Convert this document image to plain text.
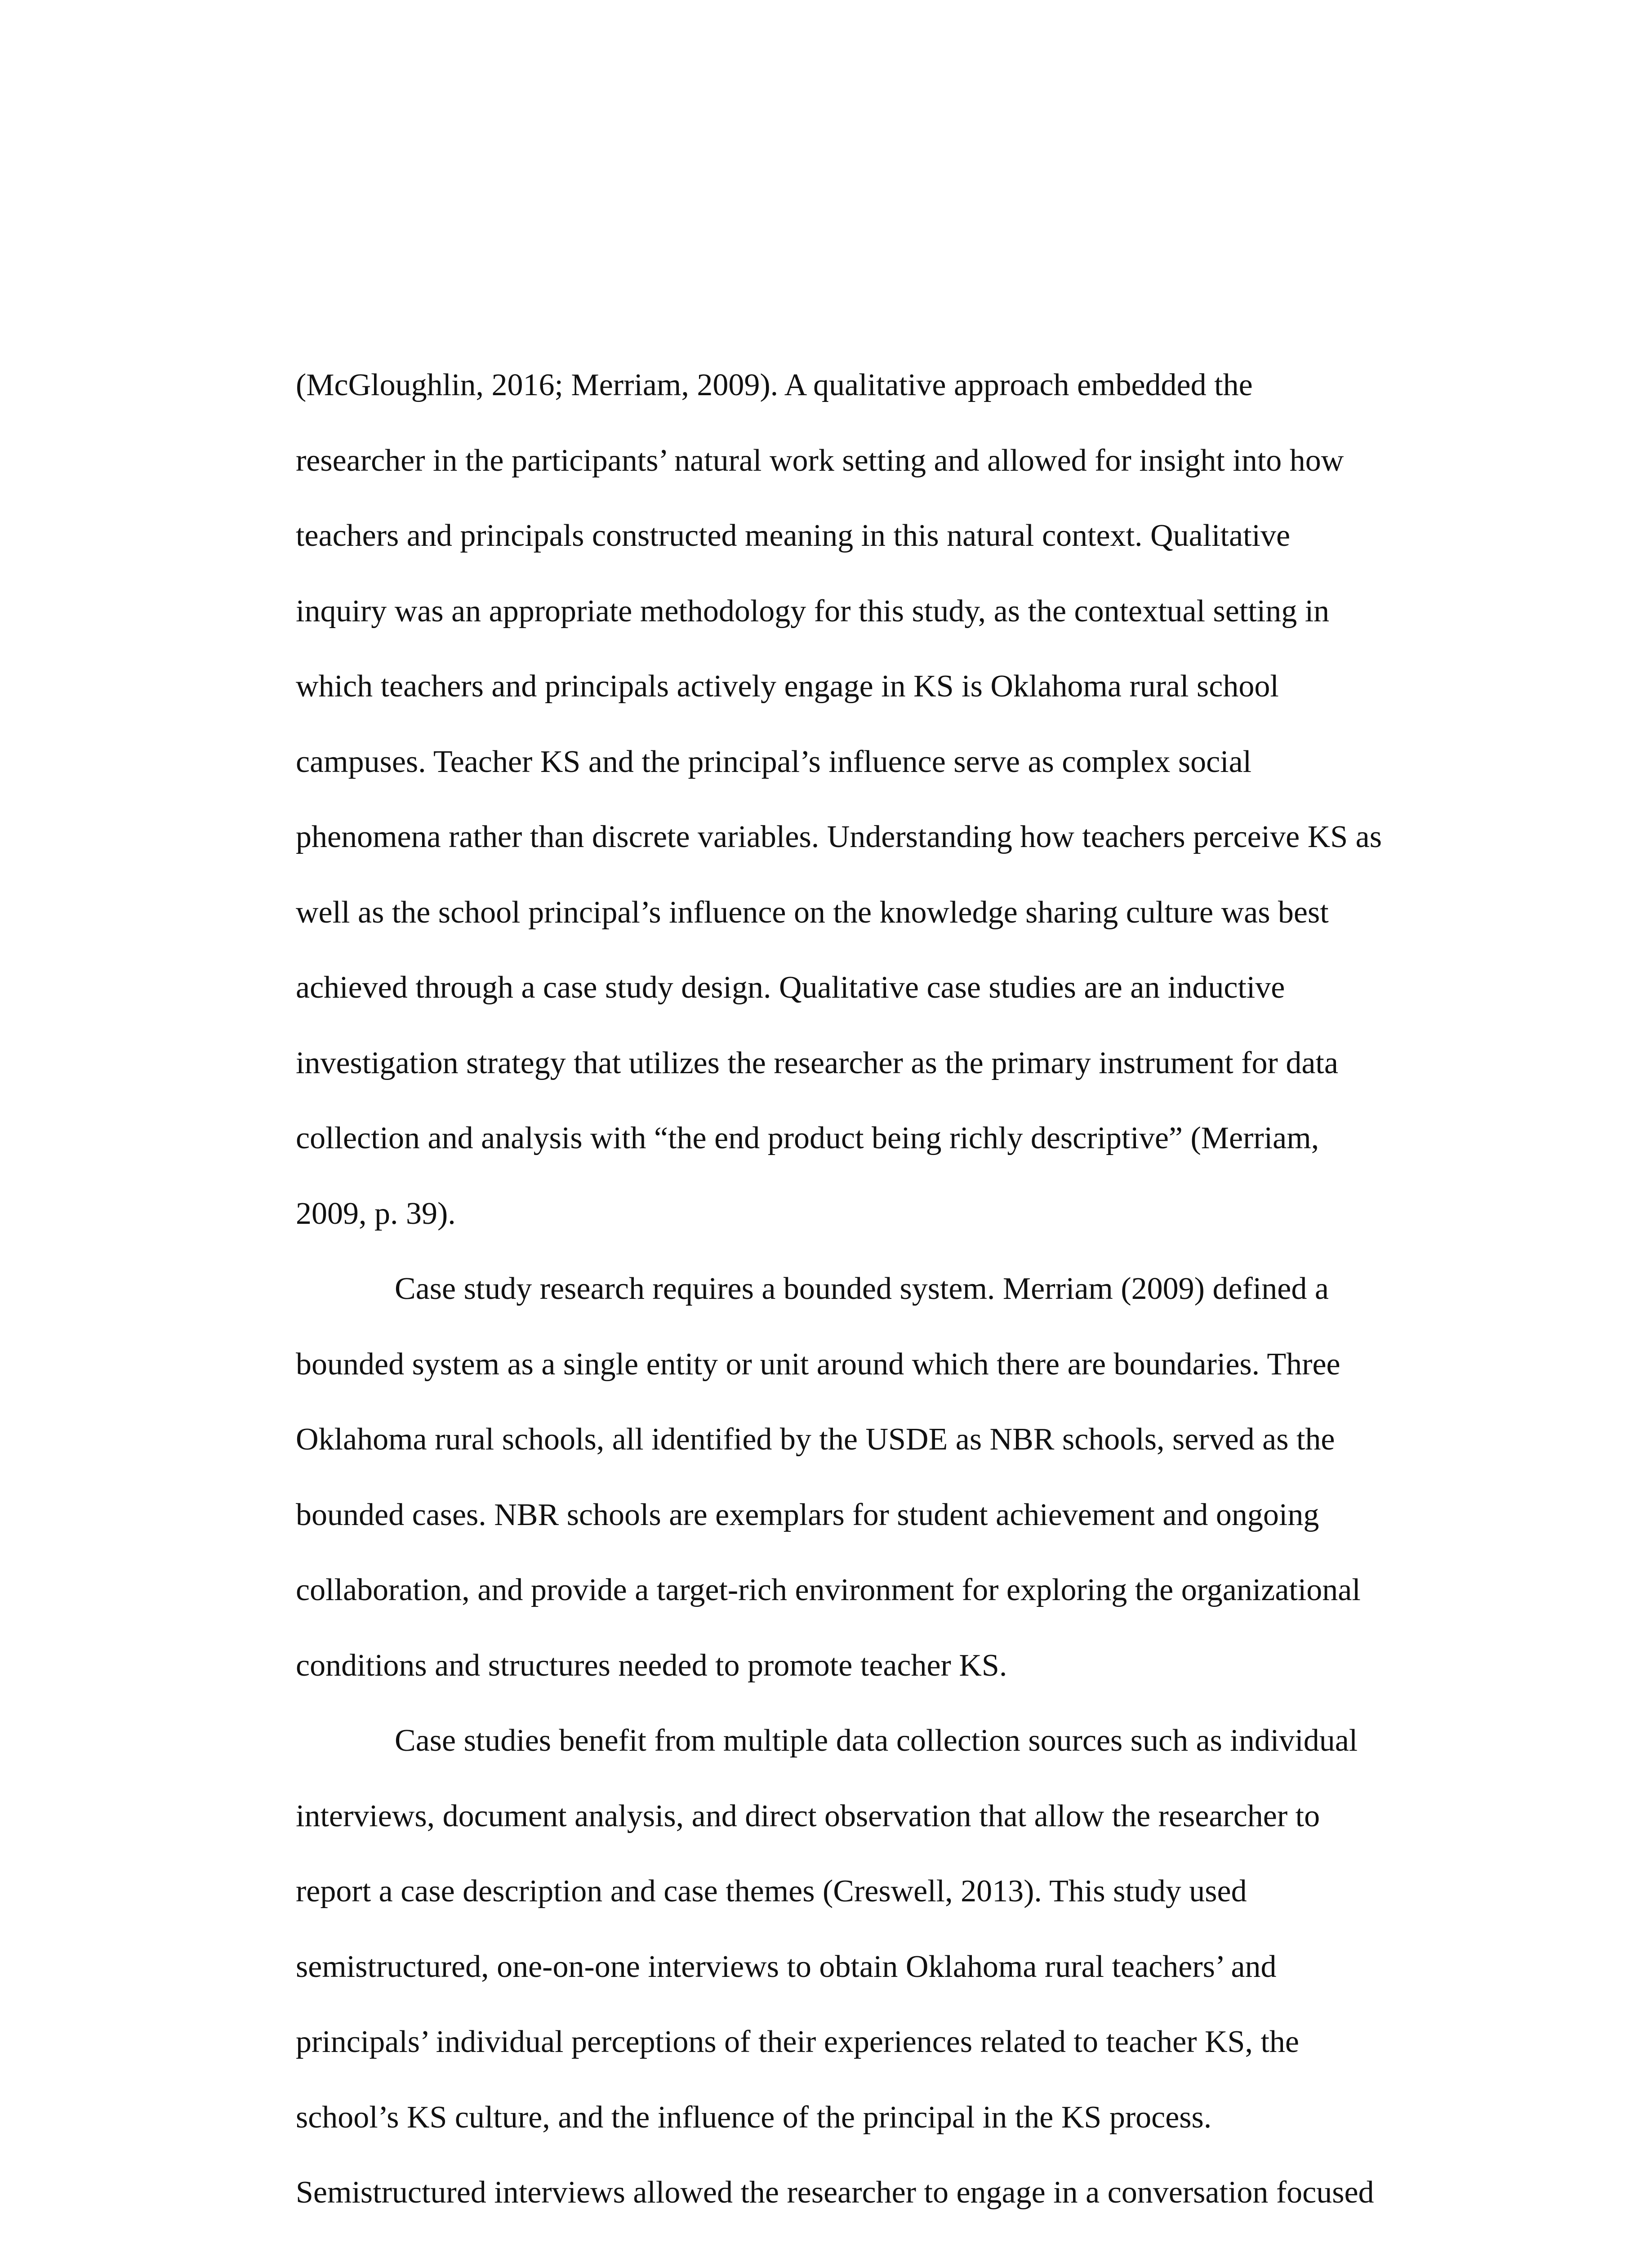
(McGloughlin, 2016; Merriam, 2009). A qualitative approach embedded the
researcher in the participants’ natural work setting and allowed for insight into how
teachers and principals constructed meaning in this natural context. Qualitative
inquiry was an appropriate methodology for this study, as the contextual setting in
which teachers and principals actively engage in KS is Oklahoma rural school
campuses. Teacher KS and the principal’s influence serve as complex social
phenomena rather than discrete variables. Understanding how teachers perceive KS as
well as the school principal’s influence on the knowledge sharing culture was best
achieved through a case study design. Qualitative case studies are an inductive
investigation strategy that utilizes the researcher as the primary instrument for data
collection and analysis with “the end product being richly descriptive” (Merriam,
2009, p. 39).
Case study research requires a bounded system. Merriam (2009) defined a
bounded system as a single entity or unit around which there are boundaries. Three
Oklahoma rural schools, all identified by the USDE as NBR schools, served as the
bounded cases. NBR schools are exemplars for student achievement and ongoing
collaboration, and provide a target-rich environment for exploring the organizational
conditions and structures needed to promote teacher KS.
Case studies benefit from multiple data collection sources such as individual
interviews, document analysis, and direct observation that allow the researcher to
report a case description and case themes (Creswell, 2013). This study used
semistructured, one-on-one interviews to obtain Oklahoma rural teachers’ and
principals’ individual perceptions of their experiences related to teacher KS, the
school’s KS culture, and the influence of the principal in the KS process.
Semistructured interviews allowed the researcher to engage in a conversation focused
